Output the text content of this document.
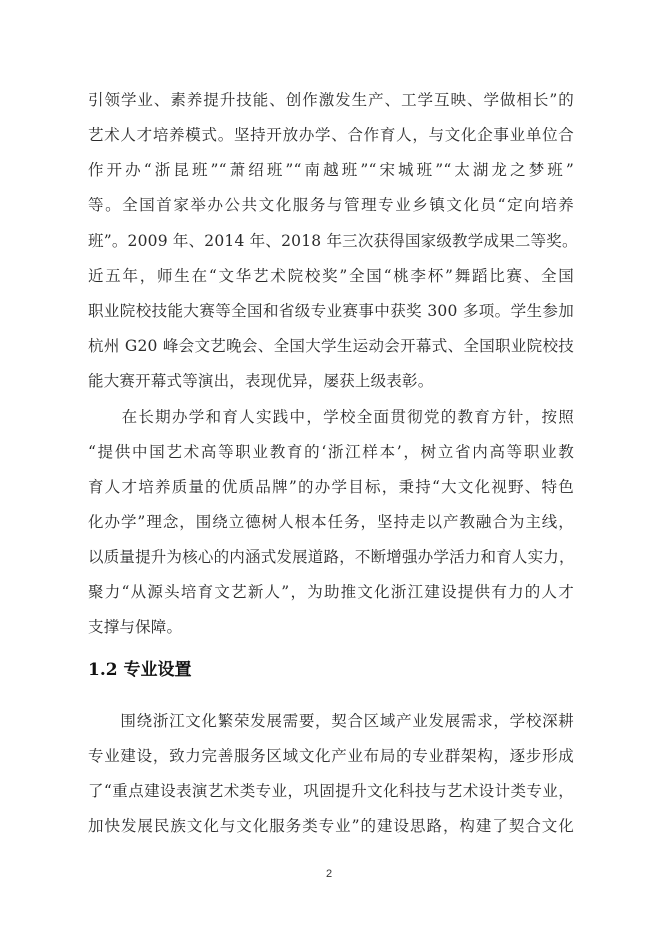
引领学业、素养提升技能、创作激发生产、工学互映、学做相长”的
艺术人才培养模式。坚持开放办学、合作育人，与文化企事业单位合
作开办“浙昆班”“萧绍班”“南越班”“宋城班”“太湖龙之梦班”
等。全国首家举办公共文化服务与管理专业乡镇文化员“定向培养
班”。2009 年、2014 年、2018 年三次获得国家级教学成果二等奖。
近五年，师生在“文华艺术院校奖”全国“桃李杯”舞蹈比赛、全国
职业院校技能大赛等全国和省级专业赛事中获奖 300 多项。学生参加
杭州 G20 峰会文艺晚会、全国大学生运动会开幕式、全国职业院校技
能大赛开幕式等演出，表现优异，屡获上级表彰。
　　在长期办学和育人实践中，学校全面贯彻党的教育方针，按照
“提供中国艺术高等职业教育的‘浙江样本’，树立省内高等职业教
育人才培养质量的优质品牌”的办学目标，秉持“大文化视野、特色
化办学”理念，围绕立德树人根本任务，坚持走以产教融合为主线，
以质量提升为核心的内涵式发展道路，不断增强办学活力和育人实力，
聚力“从源头培育文艺新人”，为助推文化浙江建设提供有力的人才
支撑与保障。
1.2 专业设置
　　围绕浙江文化繁荣发展需要，契合区域产业发展需求，学校深耕
专业建设，致力完善服务区域文化产业布局的专业群架构，逐步形成
了“重点建设表演艺术类专业，巩固提升文化科技与艺术设计类专业，
加快发展民族文化与文化服务类专业”的建设思路，构建了契合文化
2
